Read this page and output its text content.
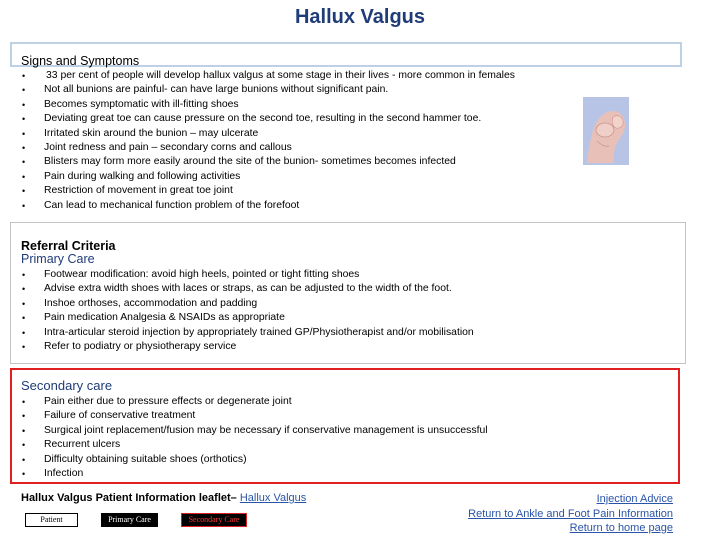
Hallux Valgus
Signs and Symptoms
• 33 per cent of people will develop hallux valgus at some stage in their lives - more common in females
• Not all bunions are painful- can have large bunions without significant pain.
• Becomes symptomatic with ill-fitting shoes
• Deviating great toe can cause pressure on the second toe, resulting in the second hammer toe.
• Irritated skin around the bunion – may ulcerate
• Joint redness and pain – secondary corns and callous
• Blisters may form more easily around the site of the bunion- sometimes becomes infected
• Pain during walking and following activities
• Restriction of movement in great toe joint
• Can lead to mechanical function problem of the forefoot
Referral Criteria
Primary Care
• Footwear modification: avoid high heels, pointed or tight fitting shoes
• Advise extra width shoes with laces or straps, as can be adjusted to the width of the foot.
• Inshoe orthoses, accommodation and padding
• Pain medication Analgesia & NSAIDs as appropriate
• Intra-articular steroid injection by appropriately trained GP/Physiotherapist and/or mobilisation
• Refer to podiatry or physiotherapy service
Secondary care
• Pain either due to pressure effects or degenerate joint
• Failure of conservative treatment
• Surgical joint replacement/fusion may be necessary if conservative management is unsuccessful
• Recurrent ulcers
• Difficulty obtaining suitable shoes (orthotics)
• Infection
Hallux Valgus Patient Information leaflet– Hallux Valgus
Patient	Primary Care	Secondary Care
Injection Advice
Return to Ankle and Foot Pain Information
Return to home page
